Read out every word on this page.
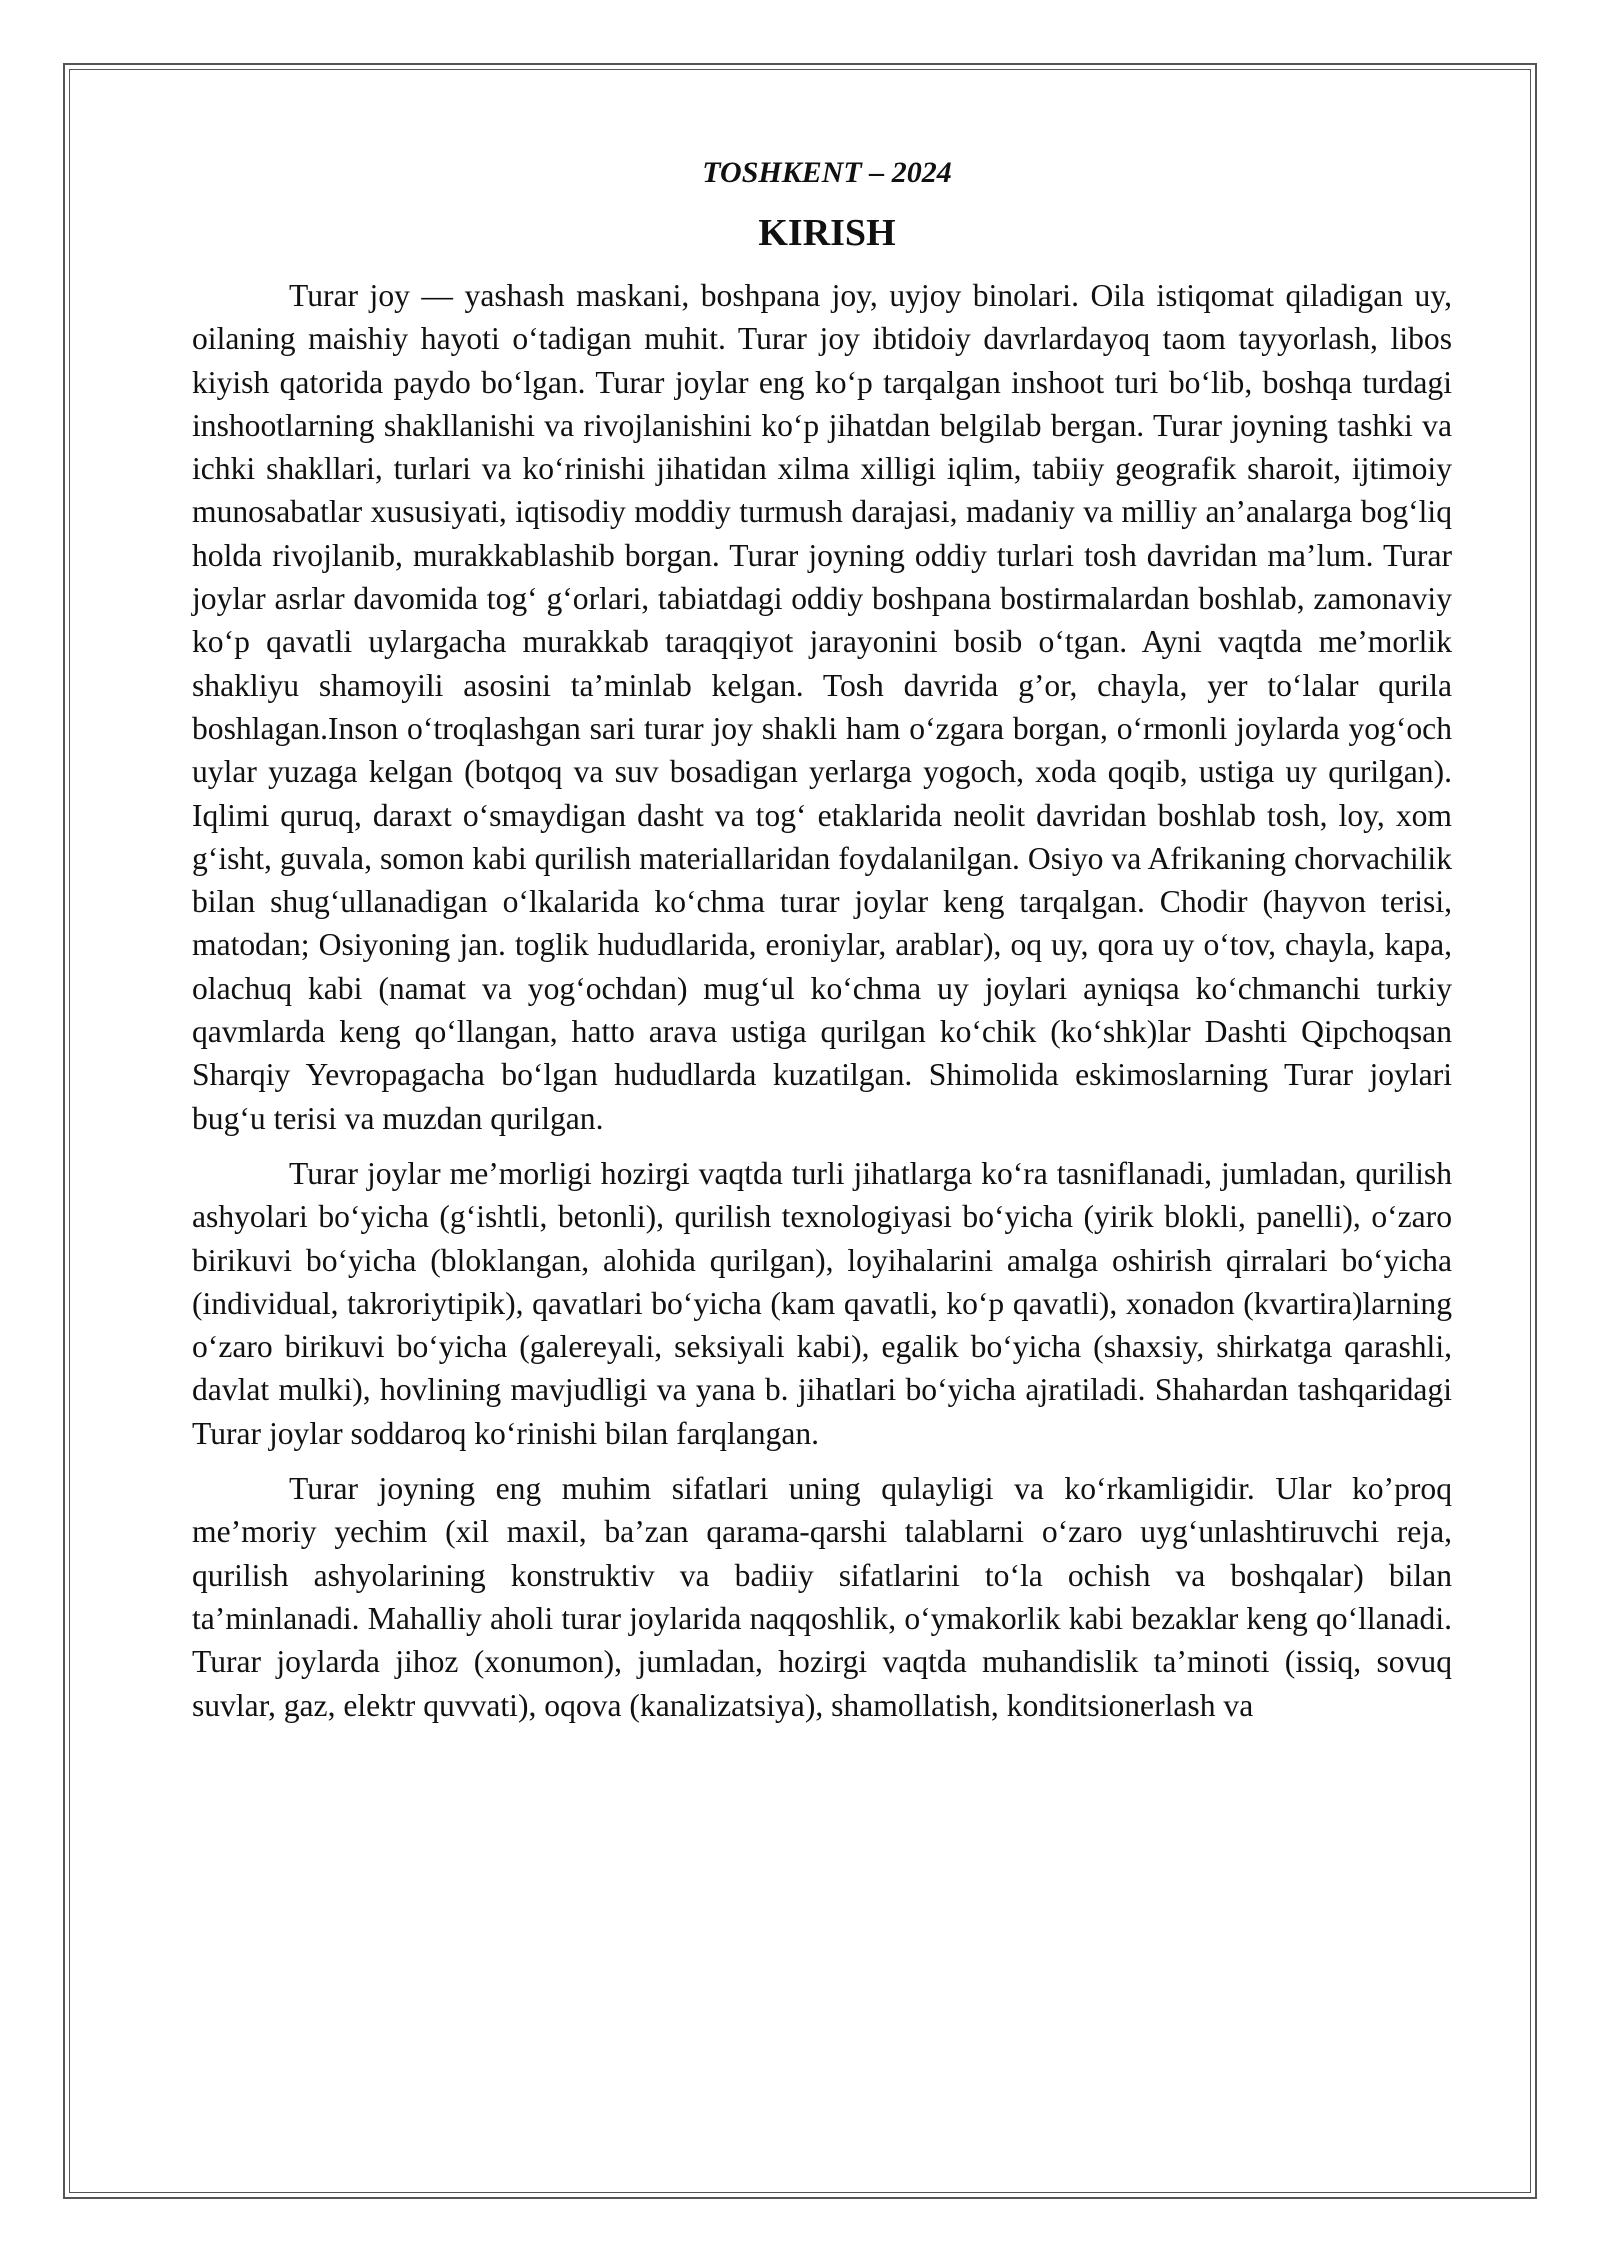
TOSHKENT – 2024
KIRISH

Turar joy — yashash maskani, boshpana joy, uyjoy binolari. Oila istiqomat qiladigan uy, oilaning maishiy hayoti o‘tadigan muhit. Turar joy ibtidoiy davrlardayoq taom tayyorlash, libos kiyish qatorida paydo bo‘lgan. Turar joylar eng ko‘p tarqalgan inshoot turi bo‘lib, boshqa turdagi inshootlarning shakllanishi va rivojlanishini ko‘p jihatdan belgilab bergan. Turar joyning tashki va ichki shakllari, turlari va ko‘rinishi jihatidan xilma xilligi iqlim, tabiiy geografik sharoit, ijtimoiy munosabatlar xususiyati, iqtisodiy moddiy turmush darajasi, madaniy va milliy an’analarga bog‘liq holda rivojlanib, murakkablashib borgan. Turar joyning oddiy turlari tosh davridan ma’lum. Turar joylar asrlar davomida tog‘ g‘orlari, tabiatdagi oddiy boshpana bostirmalardan boshlab, zamonaviy ko‘p qavatli uylargacha murakkab taraqqiyot jarayonini bosib o‘tgan. Ayni vaqtda me’morlik shakliyu shamoyili asosini ta’minlab kelgan. Tosh davrida g’or, chayla, yer to‘lalar qurila boshlagan.Inson o‘troqlashgan sari turar joy shakli ham o‘zgara borgan, o‘rmonli joylarda yog‘och uylar yuzaga kelgan (botqoq va suv bosadigan yerlarga yogoch, xoda qoqib, ustiga uy qurilgan). Iqlimi quruq, daraxt o‘smaydigan dasht va tog‘ etaklarida neolit davridan boshlab tosh, loy, xom g‘isht, guvala, somon kabi qurilish materiallaridan foydalanilgan. Osiyo va Afrikaning chorvachilik bilan shug‘ullanadigan o‘lkalarida ko‘chma turar joylar keng tarqalgan. Chodir (hayvon terisi, matodan; Osiyoning jan. toglik hududlarida, eroniylar, arablar), oq uy, qora uy o‘tov, chayla, kapa, olachuq kabi (namat va yog‘ochdan) mug‘ul ko‘chma uy joylari ayniqsa ko‘chmanchi turkiy qavmlarda keng qo‘llangan, hatto arava ustiga qurilgan ko‘chik (ko‘shk)lar Dashti Qipchoqsan Sharqiy Yevropagacha bo‘lgan hududlarda kuzatilgan. Shimolida eskimoslarning Turar joylari bug‘u terisi va muzdan qurilgan.

Turar joylar me’morligi hozirgi vaqtda turli jihatlarga ko‘ra tasniflanadi, jumladan, qurilish ashyolari bo‘yicha (g‘ishtli, betonli), qurilish texnologiyasi bo‘yicha (yirik blokli, panelli), o‘zaro birikuvi bo‘yicha (bloklangan, alohida qurilgan), loyihalarini amalga oshirish qirralari bo‘yicha (individual, takroriytipik), qavatlari bo‘yicha (kam qavatli, ko‘p qavatli), xonadon (kvartira)larning o‘zaro birikuvi bo‘yicha (galereyali, seksiyali kabi), egalik bo‘yicha (shaxsiy, shirkatga qarashli, davlat mulki), hovlining mavjudligi va yana b. jihatlari bo‘yicha ajratiladi. Shahardan tashqaridagi Turar joylar soddaroq ko‘rinishi bilan farqlangan.

Turar joyning eng muhim sifatlari uning qulayligi va ko‘rkamligidir. Ular ko’proq me’moriy yechim (xil maxil, ba’zan qarama-qarshi talablarni o‘zaro uyg‘unlashtiruvchi reja, qurilish ashyolarining konstruktiv va badiiy sifatlarini to‘la ochish va boshqalar) bilan ta’minlanadi. Mahalliy aholi turar joylarida naqqoshlik, o‘ymakorlik kabi bezaklar keng qo‘llanadi. Turar joylarda jihoz (xonumon), jumladan, hozirgi vaqtda muhandislik ta’minoti (issiq, sovuq suvlar, gaz, elektr quvvati), oqova (kanalizatsiya), shamollatish, konditsionerlash va
